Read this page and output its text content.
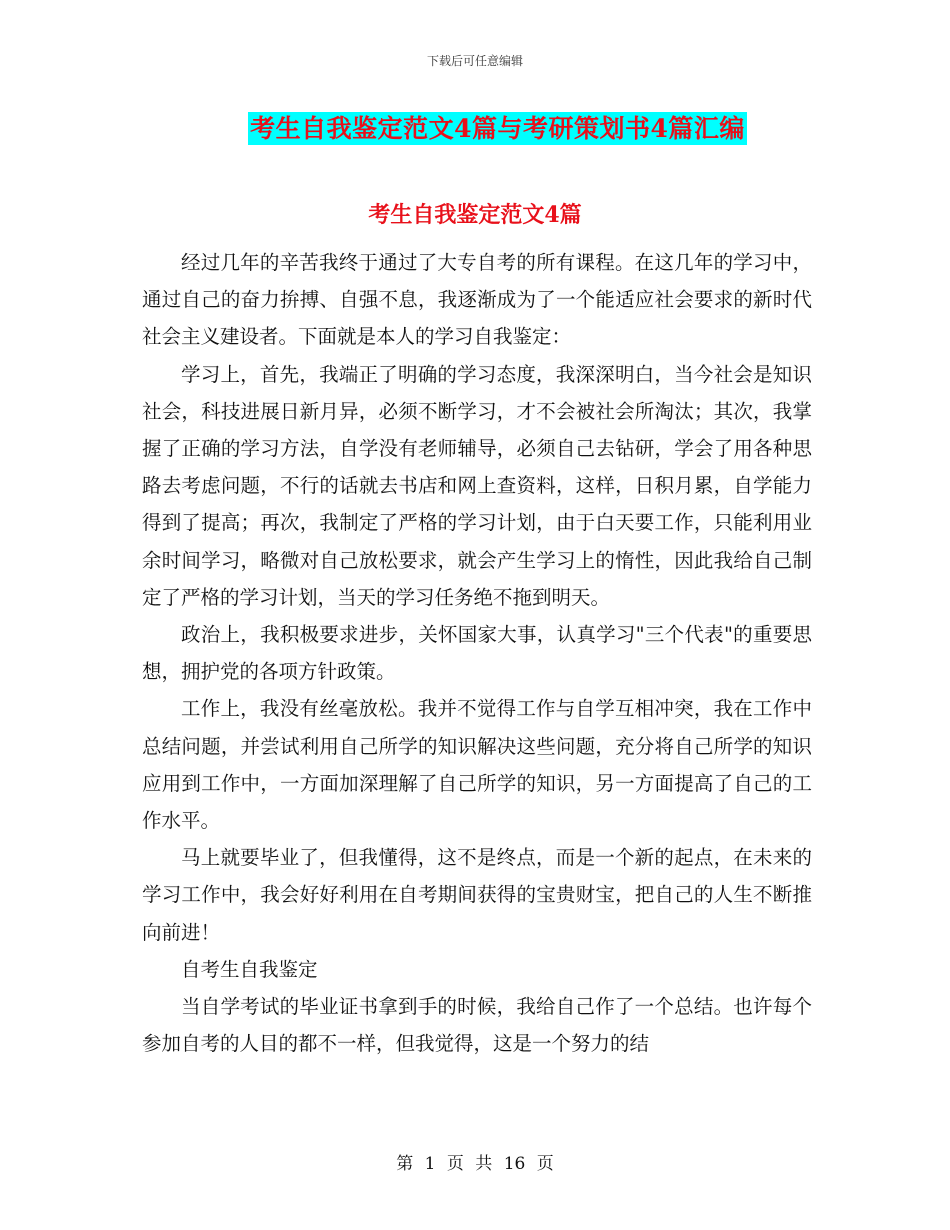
下载后可任意编辑
考生自我鉴定范文4篇与考研策划书4篇汇编
考生自我鉴定范文4篇

经过几年的辛苦我终于通过了大专自考的所有课程。在这几年的学习中，通过自己的奋力拚搏、自强不息，我逐渐成为了一个能适应社会要求的新时代社会主义建设者。下面就是本人的学习自我鉴定：

学习上，首先，我端正了明确的学习态度，我深深明白，当今社会是知识社会，科技进展日新月异，必须不断学习，才不会被社会所淘汰；其次，我掌握了正确的学习方法，自学没有老师辅导，必须自己去钻研，学会了用各种思路去考虑问题，不行的话就去书店和网上查资料，这样，日积月累，自学能力得到了提高；再次，我制定了严格的学习计划，由于白天要工作，只能利用业余时间学习，略微对自己放松要求，就会产生学习上的惰性，因此我给自己制定了严格的学习计划，当天的学习任务绝不拖到明天。

政治上，我积极要求进步，关怀国家大事，认真学习"三个代表"的重要思想，拥护党的各项方针政策。

工作上，我没有丝毫放松。我并不觉得工作与自学互相冲突，我在工作中总结问题，并尝试利用自己所学的知识解决这些问题，充分将自己所学的知识应用到工作中，一方面加深理解了自己所学的知识，另一方面提高了自己的工作水平。

马上就要毕业了，但我懂得，这不是终点，而是一个新的起点，在未来的学习工作中，我会好好利用在自考期间获得的宝贵财宝，把自己的人生不断推向前进！

自考生自我鉴定

当自学考试的毕业证书拿到手的时候，我给自己作了一个总结。也许每个参加自考的人目的都不一样，但我觉得，这是一个努力的结

第 1 页 共 16 页
